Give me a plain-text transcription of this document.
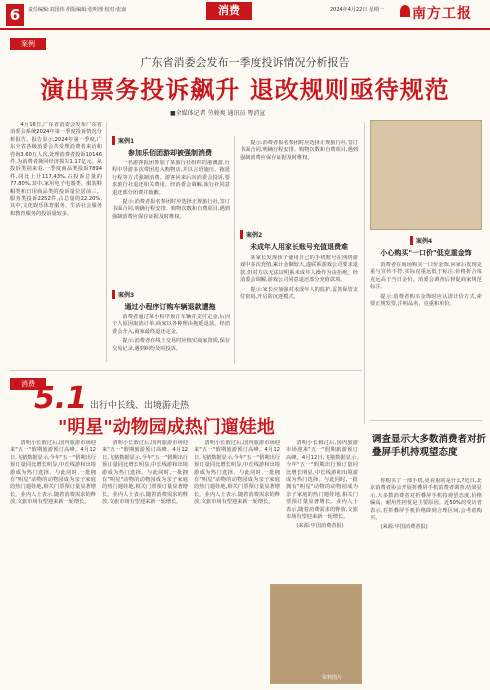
6	责任编辑:刘国伟 组版编辑:张明理 校对:张南	消费	2024年4月22日 星期一 南方工报
案例
广东省消委会发布一季度投诉情况分析报告
演出票务投诉飙升 退改规则亟待规范
■全媒体记者 劳骏爽 通讯员 粤消宣

4月16日,广东省消委会发布广东省消委会系统2024年第一季度投诉情况分析报告。报告显示,2024年第一季度,广东全省各级消委会共受理消费者来访和咨询3.60万人次,处理消费者投诉10146件,为消费者挽回经济损失1.17亿元。从投诉类别来看,一季度商品类投诉7894件,同比上升117.43%,占投诉总量的77.80%,其中,家用电子电器类、服装鞋帽类和日用商品类的投诉量位居前三。服务类投诉2252件,占总量的22.20%,其中,文化娱乐体育服务、生活社会服务和教育服务的投诉量较多。

案例1
参加乐佰团游却被强制消费

一名游客报团参加了某旅行社组织的港澳游,行程中导游多次带团进入购物店,并以言语施压、拖延行程等方式强制消费。游客回来后向消委会投诉,要求旅行社退还相关费用。经消委会调解,旅行社同意退还部分团费并致歉。

提示:消费者报名参团时应选择正规旅行社,签订书面合同,明确行程安排、购物次数和自费项目,遇到强制消费应保存证据及时维权。

案例3
通过小程序订购车辆退款遭拖

消费者通过某小程序预订车辆并支付定金,后因个人原因取消订单,商家以各种理由拖延退款。经消委会介入,商家最终退还定金。

提示:消费者在线上交易时应核实商家资质,保存交易记录,遇到纠纷及时投诉。

提示:消费者报名参团时应选择正规旅行社,签订书面合同,明确行程安排、购物次数和自费项目,遇到强制消费应保存证据及时维权。

案例2
未成年人用家长账号充值退费难

某家长发现孩子使用自己的手机账号在网络游戏中多次充值,累计金额较大,遂联系游戏公司要求退款,但对方以无法证明系未成年人操作为由拒绝。经消委会调解,游戏公司同意退还部分充值款项。

提示:家长应加强对未成年人的监护,妥善保管支付密码,开启防沉迷模式。

案例4
小心购买"一口价"低克重金饰

消费者在商场购买一口价金饰,回家后发现克重与宣传不符,实际克重远低于标注,价格折合每克远高于当日金价。消委会调查后督促商家规范标注。

提示:消费者购买金饰时应认清计价方式,索要正规发票,注明品名、克重和单价。

消费 5.1 出行中长线、出境游走热
"明星"动物园成热门遛娃地

清明小长假过后,国内旅游市场迎来"五一"假期旅游预订高峰。4月12日,飞猪数据显示,今年"五一"假期出行预订量同比增长明显,中长线游和出境游成为热门选择。与此同时,一批拥有"明星"动物的动物园成为亲子家庭的热门遛娃地,相关门票预订量显著增长。业内人士表示,随着消费需求的释放,文旅市场有望迎来新一轮增长。

清明小长假过后,国内旅游市场迎来"五一"假期旅游预订高峰。4月12日,飞猪数据显示,今年"五一"假期出行预订量同比增长明显,中长线游和出境游成为热门选择。与此同时,一批拥有"明星"动物的动物园成为亲子家庭的热门遛娃地,相关门票预订量显著增长。业内人士表示,随着消费需求的释放,文旅市场有望迎来新一轮增长。

清明小长假过后,国内旅游市场迎来"五一"假期旅游预订高峰。4月12日,飞猪数据显示,今年"五一"假期出行预订量同比增长明显,中长线游和出境游成为热门选择。与此同时,一批拥有"明星"动物的动物园成为亲子家庭的热门遛娃地,相关门票预订量显著增长。业内人士表示,随着消费需求的释放,文旅市场有望迎来新一轮增长。

清明小长假过后,国内旅游市场迎来"五一"假期旅游预订高峰。4月12日,飞猪数据显示,今年"五一"假期出行预订量同比增长明显,中长线游和出境游成为热门选择。与此同时,一批拥有"明星"动物的动物园成为亲子家庭的热门遛娃地,相关门票预订量显著增长。业内人士表示,随着消费需求的释放,文旅市场有望迎来新一轮增长。

(来源:中国消费者报)

资料图片
调查显示大多数消费者对折叠屏手机持观望态度

你购买了一部手机,更看重的是什么?近日,北京消费者协会开展折叠屏手机消费者调查,结果显示,大多数消费者对折叠屏手机持观望态度,价格偏高、耐用性担忧是主要原因。近50%的受访者表示,若折叠屏手机价格降到合理区间,会考虑购买。

(来源:中国消费者报)
